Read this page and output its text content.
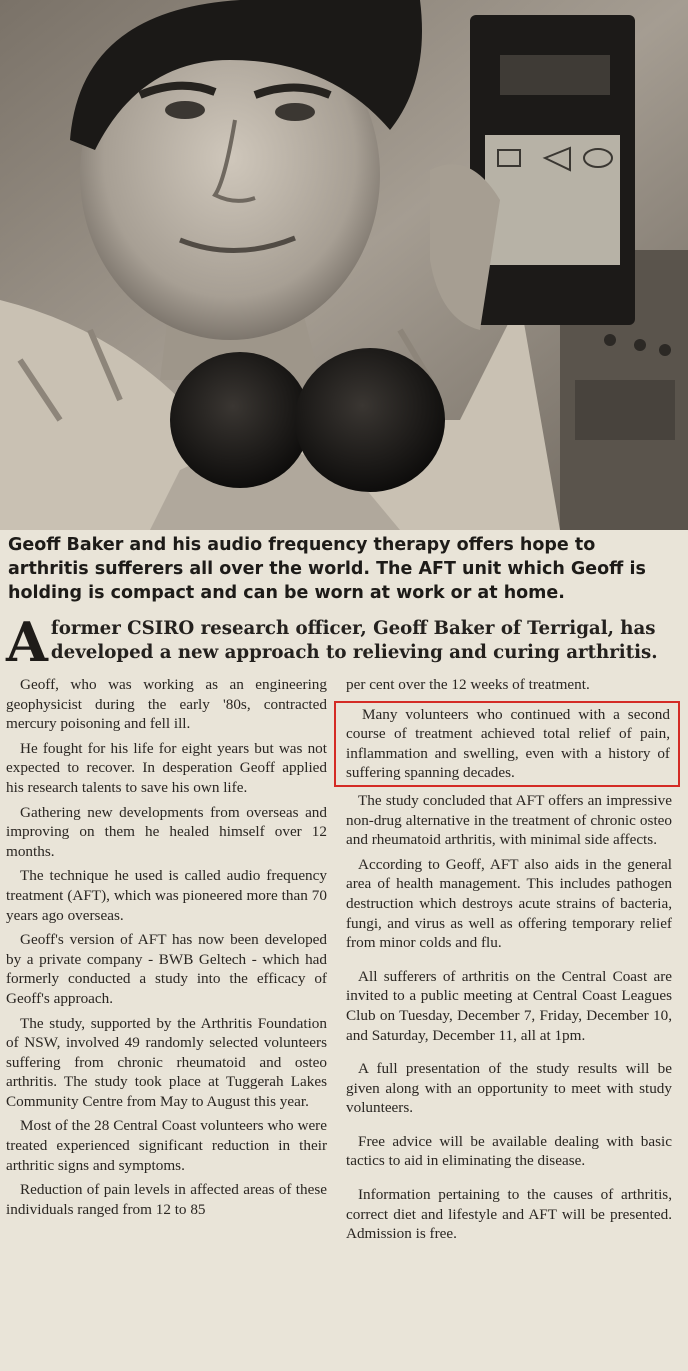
Geoff Baker and his audio frequency therapy offers hope to arthritis sufferers all over the world. The AFT unit which Geoff is holding is compact and can be worn at work or at home.
A former CSIRO research officer, Geoff Baker of Terrigal, has developed a new approach to relieving and curing arthritis.

Geoff, who was working as an engineering geophysicist during the early '80s, contracted mercury poisoning and fell ill.

He fought for his life for eight years but was not expected to recover. In desperation Geoff applied his research talents to save his own life.

Gathering new developments from overseas and improving on them he healed himself over 12 months.

The technique he used is called audio frequency treatment (AFT), which was pioneered more than 70 years ago overseas.

Geoff's version of AFT has now been developed by a private company - BWB Geltech - which had formerly conducted a study into the efficacy of Geoff's approach.

The study, supported by the Arthritis Foundation of NSW, involved 49 randomly selected volunteers suffering from chronic rheumatoid and osteo arthritis. The study took place at Tuggerah Lakes Community Centre from May to August this year.

Most of the 28 Central Coast volunteers who were treated experienced significant reduction in their arthritic signs and symptoms.

Reduction of pain levels in affected areas of these individuals ranged from 12 to 85

per cent over the 12 weeks of treatment.

Many volunteers who continued with a second course of treatment achieved total relief of pain, inflammation and swelling, even with a history of suffering spanning decades.

The study concluded that AFT offers an impressive non-drug alternative in the treatment of chronic osteo and rheumatoid arthritis, with minimal side affects.

According to Geoff, AFT also aids in the general area of health management. This includes pathogen destruction which destroys acute strains of bacteria, fungi, and virus as well as offering temporary relief from minor colds and flu.

All sufferers of arthritis on the Central Coast are invited to a public meeting at Central Coast Leagues Club on Tuesday, December 7, Friday, December 10, and Saturday, December 11, all at 1pm.

A full presentation of the study results will be given along with an opportunity to meet with study volunteers.

Free advice will be available dealing with basic tactics to aid in eliminating the disease.

Information pertaining to the causes of arthritis, correct diet and lifestyle and AFT will be presented. Admission is free.
